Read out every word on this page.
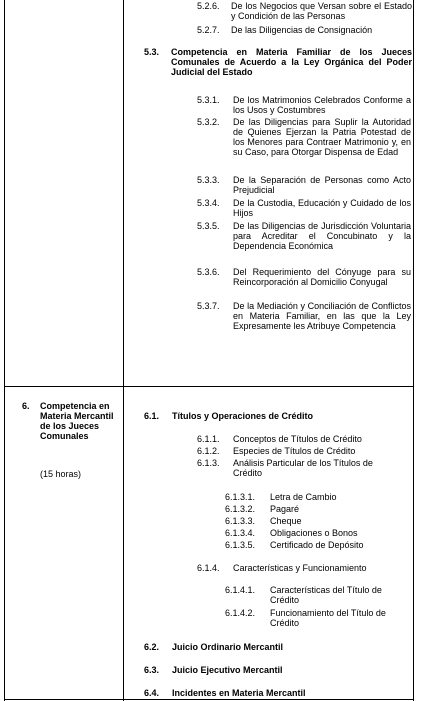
5.2.6. De los Negocios que Versan sobre el Estado y Condición de las Personas
5.2.7. De las Diligencias de Consignación
5.3. Competencia en Materia Familiar de los Jueces Comunales de Acuerdo a la Ley Orgánica del Poder Judicial del Estado
5.3.1. De los Matrimonios Celebrados Conforme a los Usos y Costumbres
5.3.2. De las Diligencias para Suplir la Autoridad de Quienes Ejerzan la Patria Potestad de los Menores para Contraer Matrimonio y, en su Caso, para Otorgar Dispensa de Edad
5.3.3. De la Separación de Personas como Acto Prejudicial
5.3.4. De la Custodia, Educación y Cuidado de los Hijos
5.3.5. De las Diligencias de Jurisdicción Voluntaria para Acreditar el Concubinato y la Dependencia Económica
5.3.6. Del Requerimiento del Cónyuge para su Reincorporación al Domicilio Conyugal
5.3.7. De la Mediación y Conciliación de Conflictos en Materia Familiar, en las que la Ley Expresamente les Atribuye Competencia
6. Competencia en Materia Mercantil de los Jueces Comunales
(15 horas)
6.1. Títulos y Operaciones de Crédito
6.1.1. Conceptos de Títulos de Crédito
6.1.2. Especies de Títulos de Crédito
6.1.3. Análisis Particular de los Títulos de Crédito
6.1.3.1. Letra de Cambio
6.1.3.2. Pagaré
6.1.3.3. Cheque
6.1.3.4. Obligaciones o Bonos
6.1.3.5. Certificado de Depósito
6.1.4. Características y Funcionamiento
6.1.4.1. Características del Título de Crédito
6.1.4.2. Funcionamiento del Título de Crédito
6.2. Juicio Ordinario Mercantil
6.3. Juicio Ejecutivo Mercantil
6.4. Incidentes en Materia Mercantil
